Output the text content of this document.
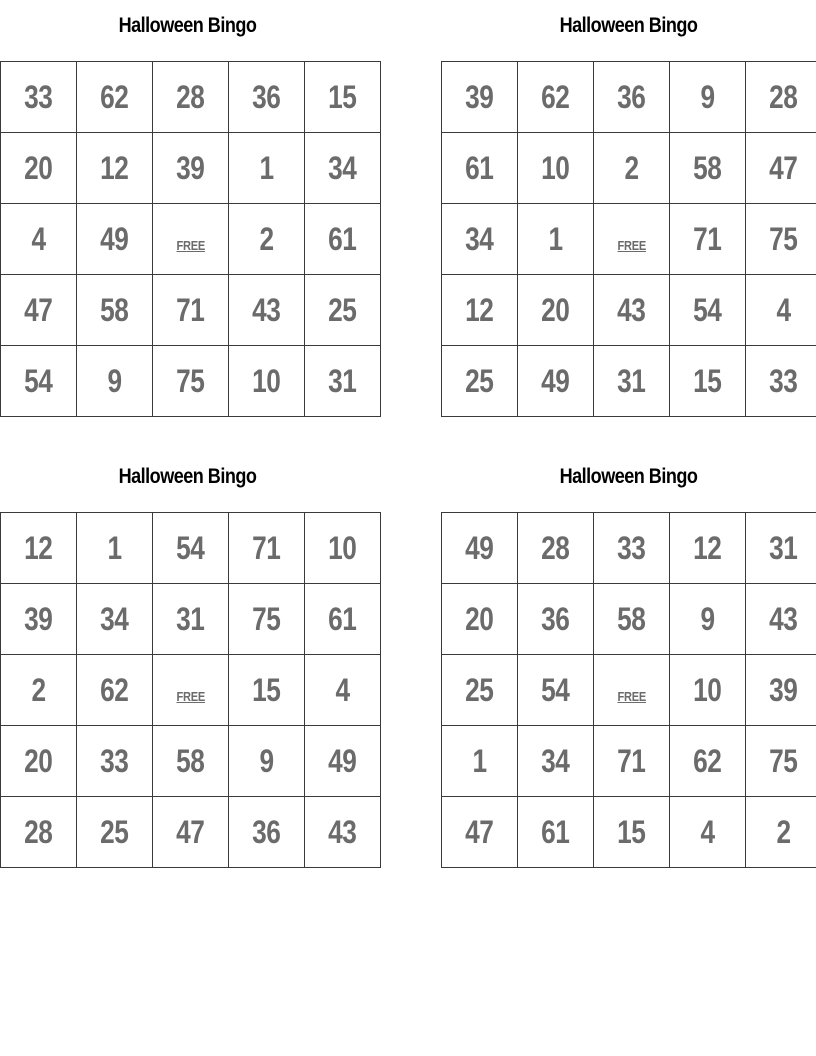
Halloween Bingo
33	62	28	36	15
20	12	39	1	34
4	49	FREE	2	61
47	58	71	43	25
54	9	75	10	31
Halloween Bingo
39	62	36	9	28
61	10	2	58	47
34	1	FREE	71	75
12	20	43	54	4
25	49	31	15	33
Halloween Bingo
12	1	54	71	10
39	34	31	75	61
2	62	FREE	15	4
20	33	58	9	49
28	25	47	36	43
Halloween Bingo
49	28	33	12	31
20	36	58	9	43
25	54	FREE	10	39
1	34	71	62	75
47	61	15	4	2
